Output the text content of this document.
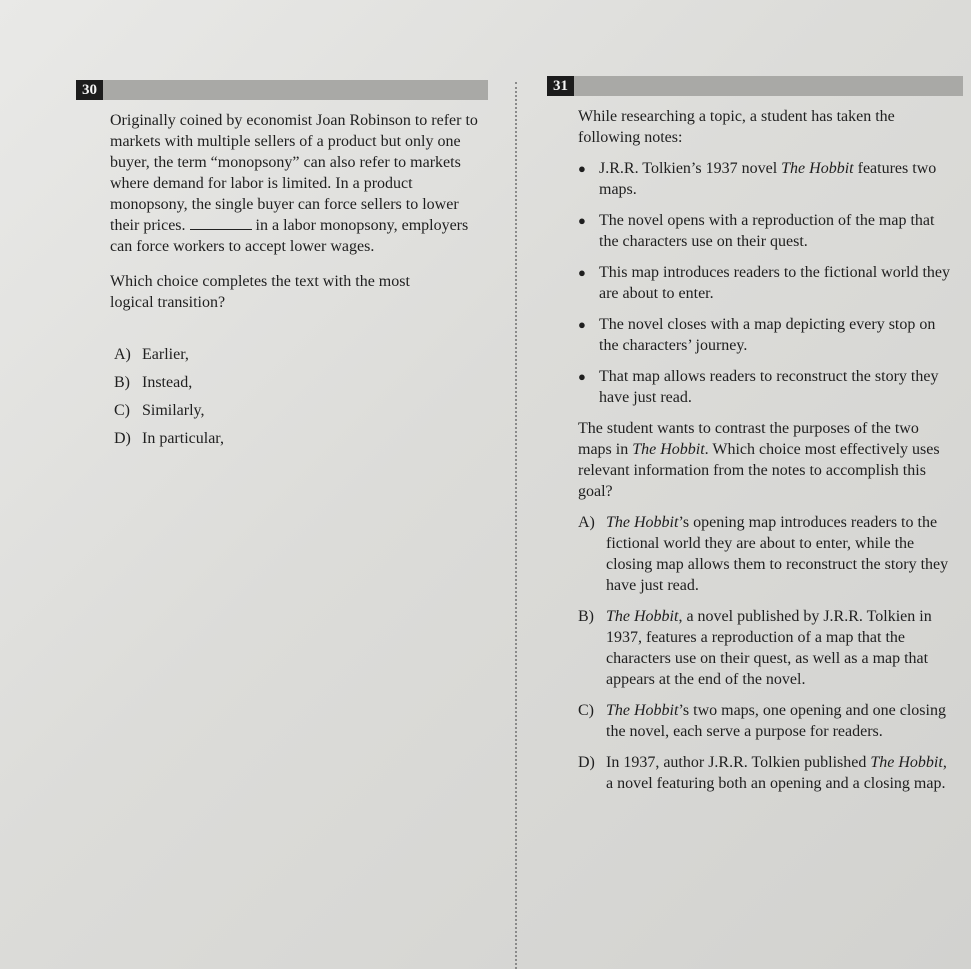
30	31

Originally coined by economist Joan Robinson to refer to markets with multiple sellers of a product but only one buyer, the term “monopsony” can also refer to markets where demand for labor is limited. In a product monopsony, the single buyer can force sellers to lower their prices.	in a labor monopsony, employers can force workers to accept lower wages.

Which choice completes the text with the most logical transition?

A) Earlier,
B) Instead,
C) Similarly,
D) In particular,

While researching a topic, a student has taken the following notes:

● J.R.R. Tolkien’s 1937 novel The Hobbit features two maps.
● The novel opens with a reproduction of the map that the characters use on their quest.
● This map introduces readers to the fictional world they are about to enter.
● The novel closes with a map depicting every stop on the characters’ journey.
● That map allows readers to reconstruct the story they have just read.

The student wants to contrast the purposes of the two maps in The Hobbit. Which choice most effectively uses relevant information from the notes to accomplish this goal?

A) The Hobbit’s opening map introduces readers to the fictional world they are about to enter, while the closing map allows them to reconstruct the story they have just read.
B) The Hobbit, a novel published by J.R.R. Tolkien in 1937, features a reproduction of a map that the characters use on their quest, as well as a map that appears at the end of the novel.
C) The Hobbit’s two maps, one opening and one closing the novel, each serve a purpose for readers.
D) In 1937, author J.R.R. Tolkien published The Hobbit, a novel featuring both an opening and a closing map.
